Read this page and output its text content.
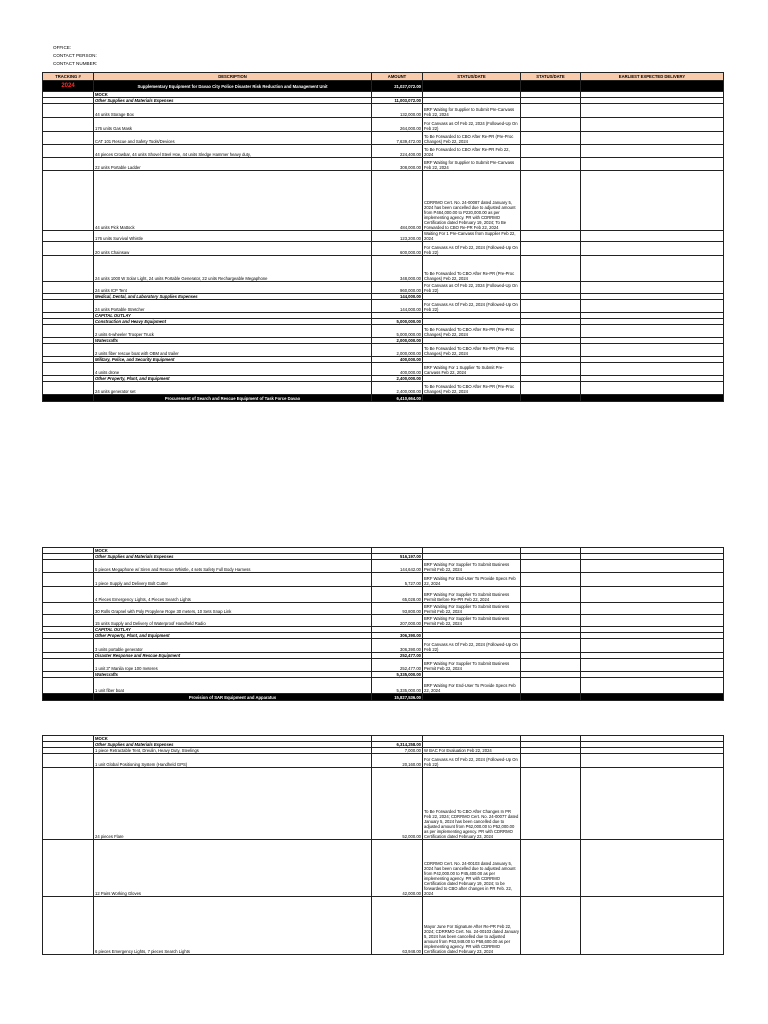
OFFICE:
CONTACT PERSON:
CONTACT NUMBER:
TRACKING #	DESCRIPTION	AMOUNT	STATUS/DATE	STATUS/DATE	EARLIEST EXPECTED DELIVERY
2024	Supplementary Equipment for Davao City Police Disaster Risk Reduction and Management Unit	21,027,072.00			
	MOCK				
	Other Supplies and Materials Expenses	11,003,072.00			
	44 units Storage Box	132,000.00	BRF Waiting for Supplier to Submit Pre-Canvass Feb 22, 2024		
	176 units Gas Mask	264,000.00	For Canvass as Of Feb 22, 2024 (Followed-Up On Feb 22)		
	CAT 101 Rescue and Safety Tools/Devices	7,639,472.00	To Be Forwarded to CBO After Re-PR (Pre-Proc Changes) Feb 22, 2024		
	44 pieces Crowbar, 44 units Shovel Steel Hoe, 44 units Sledge Hammer heavy duty,	224,400.00	To Be Forwarded to CBO After Re-PR Feb 22, 2024		
	22 units Portable Ladder	308,000.00	BRF Waiting for Supplier to Submit Pre-Canvass Feb 22, 2024		
	44 units Pick Mattock	484,000.00	CDRRMO Cert. No. 24-00087 dated January 5, 2024 has been cancelled due to adjusted amount from P484,000.00 to P220,000.00 as per implementing agency. PR with CDRRMO Certification dated February 19, 2024; To Be Forwarded to CBO Re-PR Feb 22, 2024		
	176 units Survival Whistle	123,200.00	Waiting For 1 Pre-Canvass from Supplier Feb 22, 2024		
	20 units Chainsaw	600,000.00	For Canvass As Of Feb 22, 2024 (Followed-Up On Feb 22)		
	24 units 1000 W Solar Light, 24 units Portable Generator, 22 units Rechargeable Megaphone	348,000.00	To Be Forwarded To CBO After Re-PR (Pre-Proc Changes) Feb 22, 2024		
	24 units ICP Tent	960,000.00	For Canvass as Of Feb 22, 2024 (Followed-Up On Feb 22)		
	Medical, Dental, and Laboratory Supplies Expenses	144,000.00			
	24 units Portable Stretcher	144,000.00	For Canvass As Of Feb 22, 2024 (Followed-Up On Feb 22)		
	CAPITAL OUTLAY				
	Construction and Heavy Equipment	5,000,000.00			
	2 units 6-wheeler Trooper Truck	5,000,000.00	To Be Forwarded To CBO After Re-PR (Pre-Proc Changes) Feb 22, 2024		
	Watercrafts	2,000,000.00			
	2 units fiber rescue boat with OBM and trailer	2,000,000.00	To Be Forwarded To CBO After Re-PR (Pre-Proc Changes) Feb 22, 2024		
	Military, Police, and Security Equipment	400,000.00			
	4 units drone	400,000.00	BRF Waiting For 1 Supplier To Submit Pre-Canvass Feb 22, 2024		
	Other Property, Plant, and Equipment	2,400,000.00			
	24 units generator set	2,400,000.00	To Be Forwarded To CBO After Re-PR (Pre-Proc Changes) Feb 22, 2024		
	Procurement of Search and Rescue Equipment of Task Force Davao	6,410,664.00			
	MOCK				
	Other Supplies and Materials Expenses	516,197.00			
	5 pieces Megaphone w/ Siren and Rescue Whistle, 4 sets Safety Full Body Harness	144,642.00	BRF Waiting For Supplier To Submit Business Permit Feb 22, 2024		
	1 piece Supply and Delivery Bolt Cutter	5,727.00	BRF Waiting For End-User To Provide Specs Feb 22, 2024		
	4 Pieces Emergency Lights, 4 Pieces Search Lights	65,028.00	BRF Waiting For Supplier To Submit Business Permit Before Re-PR Feb 22, 2024		
	30 Rolls Grapnel with Poly Propylene Rope 30 meters, 10 Sets Snap Link	93,800.00	BRF Waiting For Supplier To Submit Business Permit Feb 22, 2024		
	15 units Supply and Delivery of Waterproof Handheld Radio	207,000.00	BRF Waiting For Supplier To Submit Business Permit Feb 22, 2024		
	CAPITAL OUTLAY				
	Other Property, Plant, and Equipment	306,390.00			
	3 units portable generator	306,390.00	For Canvass As Of Feb 22, 2024 (Followed-Up On Feb 22)		
	Disaster Response and Rescue Equipment	252,477.00			
	1 unit 3" Manila rope 100 meteres	252,477.00	BRF Waiting For Supplier To Submit Business Permit Feb 22, 2024		
	Watercrafts	5,335,000.00			
	1 unit fiber boat	5,335,000.00	BRF Waiting For End-User To Provide Specs Feb 22, 2024		
	Provision of SAR Equipment and Apparatus	15,827,536.00			
	MOCK				
	Other Supplies and Materials Expenses	6,314,258.00			
	1 piece Retractable Tent, Dreulin, Heavy Duty, Steelings	7,000.00	W BAC For Evaluation Feb 22, 2024		
	1 unit Global Positioning System (Handheld GPS)	20,160.00	For Canvass As Of Feb 22, 2024 (Followed-Up On Feb 22)		
	24 pieces Flare	52,000.00	To Be Forwarded To CBO After Changes In PR Feb 22, 2024; CDRRMO Cert. No. 24-00077 dated January 5, 2024 has been cancelled due to adjusted amount from P62,000.00 to P52,000.00 as per implementing agency. PR with CDRRMO Certification dated February 23, 2024		
	12 Pairs Working Gloves	42,000.00	CDRRMO Cert. No. 24-00103 dated January 5, 2024 has been cancelled due to adjusted amount from P42,000.00 to P45,400.00 as per implementing agency. PR with CDRRMO Certification dated February 19, 2024; to be forwarded to CBO after changes in PR Feb. 22, 2024		
	6 pieces Emergency Lights, 7 pieces Search Lights	63,948.00	Mayor June For Signature After Re-PR Feb 22, 2024; CDRRMO Cert. No. 24-00103 dated January 5, 2024 has been cancelled due to adjusted amount from P63,948.00 to P58,600.00 as per implementing agency. PR with CDRRMO Certification dated February 23, 2024		
